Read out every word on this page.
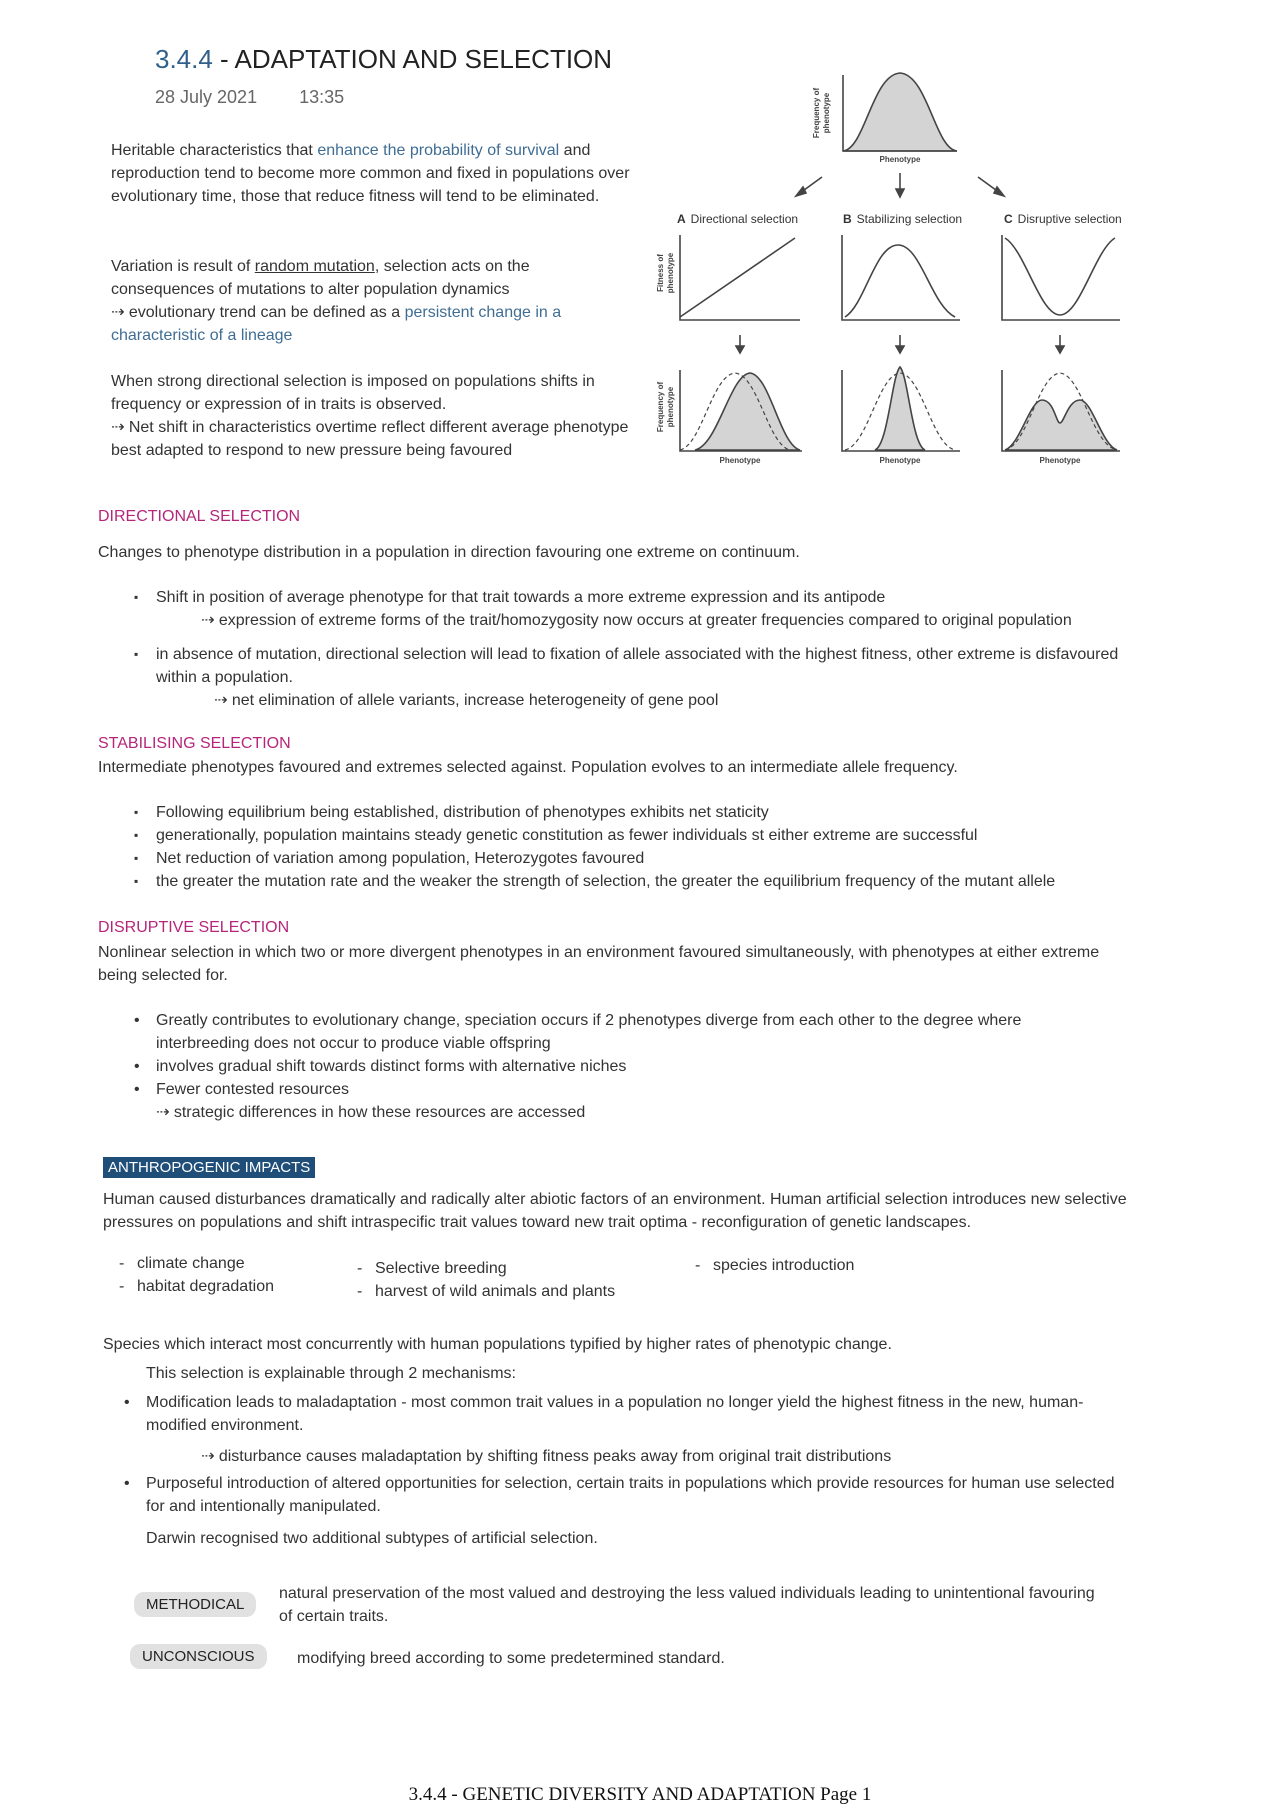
3.4.4 - ADAPTATION AND SELECTION
28 July 2021 13:35
Heritable characteristics that enhance the probability of survival and reproduction tend to become more common and fixed in populations over evolutionary time, those that reduce fitness will tend to be eliminated.
Variation is result of random mutation, selection acts on the consequences of mutations to alter population dynamics
⇢ evolutionary trend can be defined as a persistent change in a characteristic of a lineage
When strong directional selection is imposed on populations shifts in frequency or expression of in traits is observed.
⇢ Net shift in characteristics overtime reflect different average phenotype best adapted to respond to new pressure being favoured
Frequency of phenotype
Phenotype
A Directional selection	B Stabilizing selection	C Disruptive selection
Fitness of phenotype
Frequency of phenotype
Phenotype	Phenotype	Phenotype
DIRECTIONAL SELECTION
Changes to phenotype distribution in a population in direction favouring one extreme on continuum.
▪ Shift in position of average phenotype for that trait towards a more extreme expression and its antipode
⇢ expression of extreme forms of the trait/homozygosity now occurs at greater frequencies compared to original population
▪ in absence of mutation, directional selection will lead to fixation of allele associated with the highest fitness, other extreme is disfavoured within a population.
⇢ net elimination of allele variants, increase heterogeneity of gene pool
STABILISING SELECTION
Intermediate phenotypes favoured and extremes selected against. Population evolves to an intermediate allele frequency.
▪ Following equilibrium being established, distribution of phenotypes exhibits net staticity
▪ generationally, population maintains steady genetic constitution as fewer individuals st either extreme are successful
▪ Net reduction of variation among population, Heterozygotes favoured
▪ the greater the mutation rate and the weaker the strength of selection, the greater the equilibrium frequency of the mutant allele
DISRUPTIVE SELECTION
Nonlinear selection in which two or more divergent phenotypes in an environment favoured simultaneously, with phenotypes at either extreme being selected for.
• Greatly contributes to evolutionary change, speciation occurs if 2 phenotypes diverge from each other to the degree where interbreeding does not occur to produce viable offspring
• involves gradual shift towards distinct forms with alternative niches
• Fewer contested resources
⇢ strategic differences in how these resources are accessed
ANTHROPOGENIC IMPACTS
Human caused disturbances dramatically and radically alter abiotic factors of an environment. Human artificial selection introduces new selective pressures on populations and shift intraspecific trait values toward new trait optima - reconfiguration of genetic landscapes.
- climate change
- habitat degradation
- Selective breeding
- harvest of wild animals and plants
- species introduction
Species which interact most concurrently with human populations typified by higher rates of phenotypic change.
This selection is explainable through 2 mechanisms:
• Modification leads to maladaptation - most common trait values in a population no longer yield the highest fitness in the new, human-modified environment.
⇢ disturbance causes maladaptation by shifting fitness peaks away from original trait distributions
• Purposeful introduction of altered opportunities for selection, certain traits in populations which provide resources for human use selected for and intentionally manipulated.
Darwin recognised two additional subtypes of artificial selection.
METHODICAL
natural preservation of the most valued and destroying the less valued individuals leading to unintentional favouring of certain traits.
UNCONSCIOUS	modifying breed according to some predetermined standard.
3.4.4 - GENETIC DIVERSITY AND ADAPTATION Page 1
